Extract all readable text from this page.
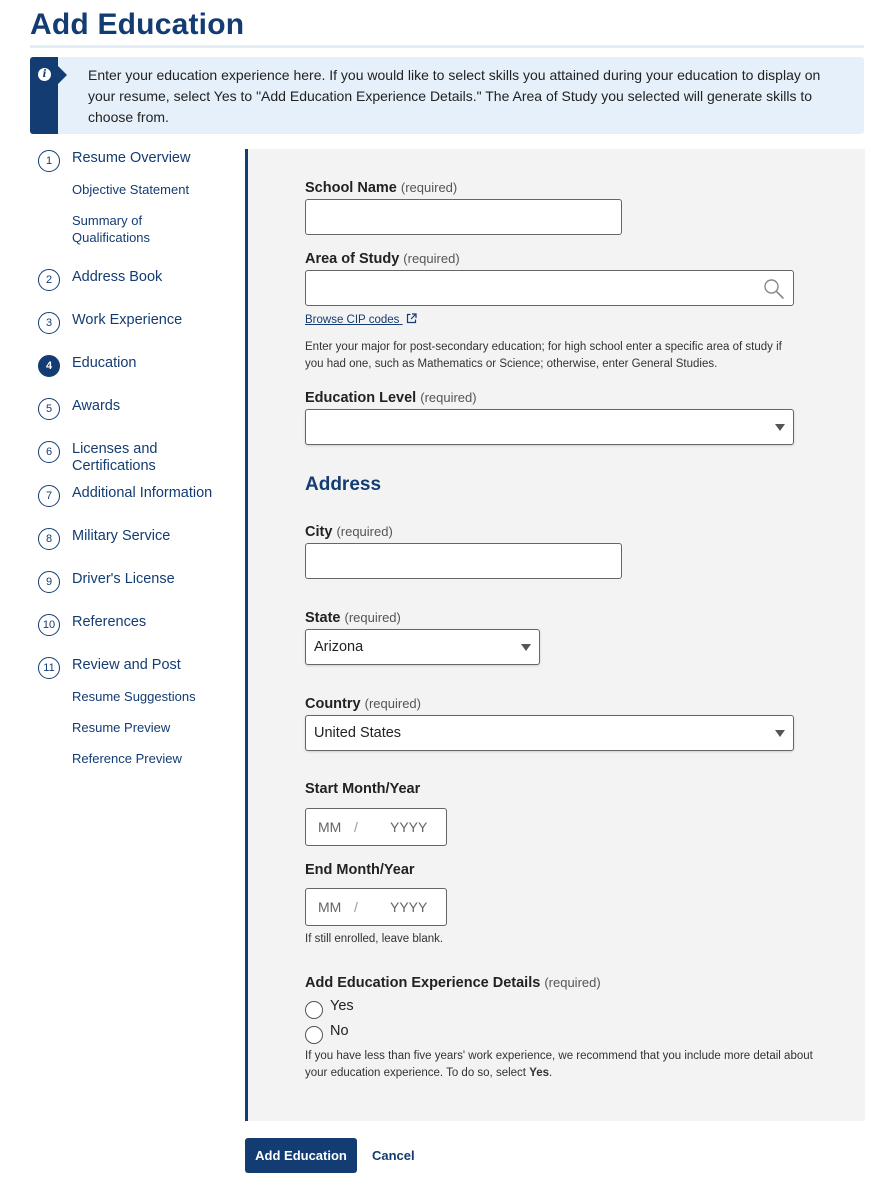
Add Education
i	Enter your education experience here. If you would like to select skills you attained during your education to display on your resume, select Yes to "Add Education Experience Details." The Area of Study you selected will generate skills to choose from.
1	Resume Overview
Objective Statement
Summary of Qualifications
2	Address Book
3	Work Experience
4	Education
5	Awards
6	Licenses and Certifications
7	Additional Information
8	Military Service
9	Driver's License
10	References
11	Review and Post
Resume Suggestions
Resume Preview
Reference Preview
School Name (required)
Area of Study (required)
Browse CIP codes
Enter your major for post-secondary education; for high school enter a specific area of study if you had one, such as Mathematics or Science; otherwise, enter General Studies.
Education Level (required)
Address
City (required)
State (required)
Arizona
Country (required)
United States
Start Month/Year
MM / YYYY
End Month/Year
MM / YYYY
If still enrolled, leave blank.
Add Education Experience Details (required)
Yes
No
If you have less than five years' work experience, we recommend that you include more detail about your education experience. To do so, select Yes.
Add Education	Cancel
